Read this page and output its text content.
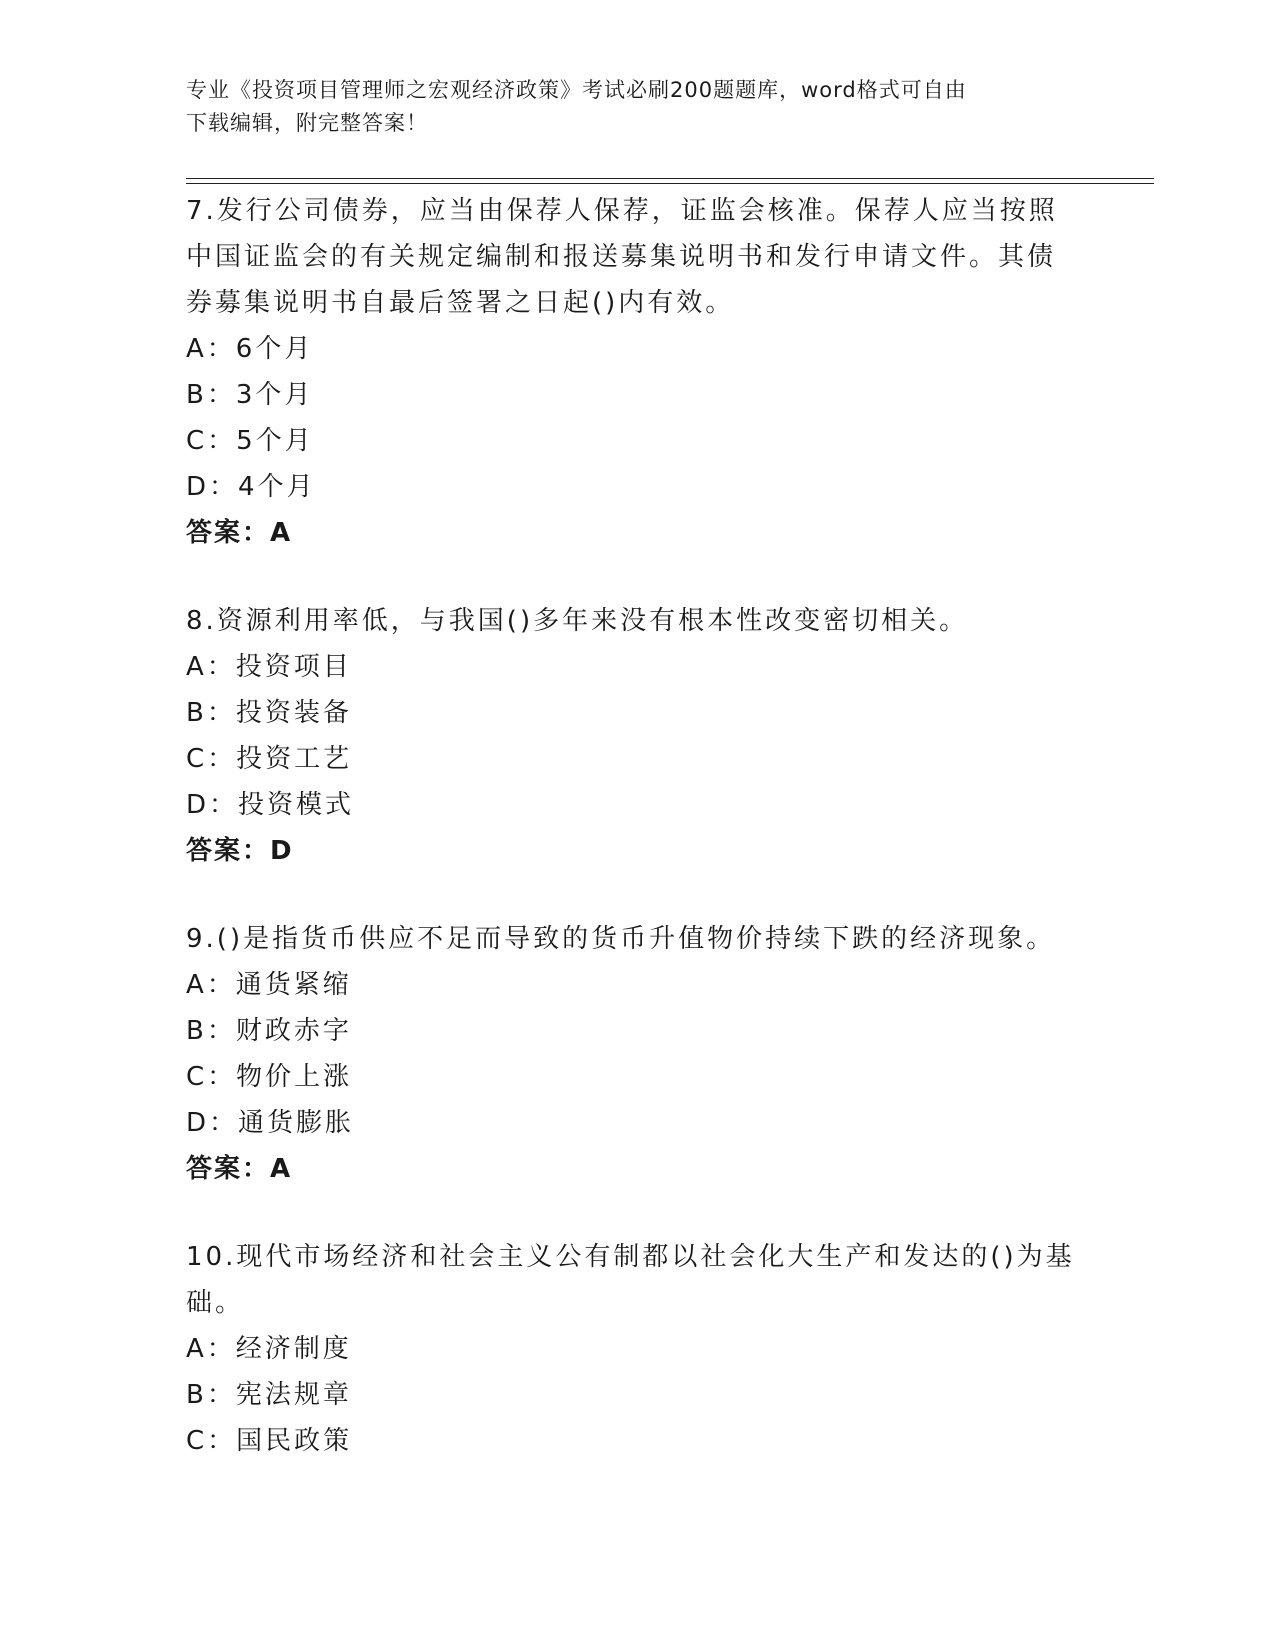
专业《投资项目管理师之宏观经济政策》考试必刷200题题库，word格式可自由
下载编辑，附完整答案！
7.发行公司债券，应当由保荐人保荐，证监会核准。保荐人应当按照
中国证监会的有关规定编制和报送募集说明书和发行申请文件。其债
券募集说明书自最后签署之日起()内有效。
A：6个月
B：3个月
C：5个月
D：4个月
答案：A
8.资源利用率低，与我国()多年来没有根本性改变密切相关。
A：投资项目
B：投资装备
C：投资工艺
D：投资模式
答案：D
9.()是指货币供应不足而导致的货币升值物价持续下跌的经济现象。
A：通货紧缩
B：财政赤字
C：物价上涨
D：通货膨胀
答案：A
10.现代市场经济和社会主义公有制都以社会化大生产和发达的()为基
础。
A：经济制度
B：宪法规章
C：国民政策
